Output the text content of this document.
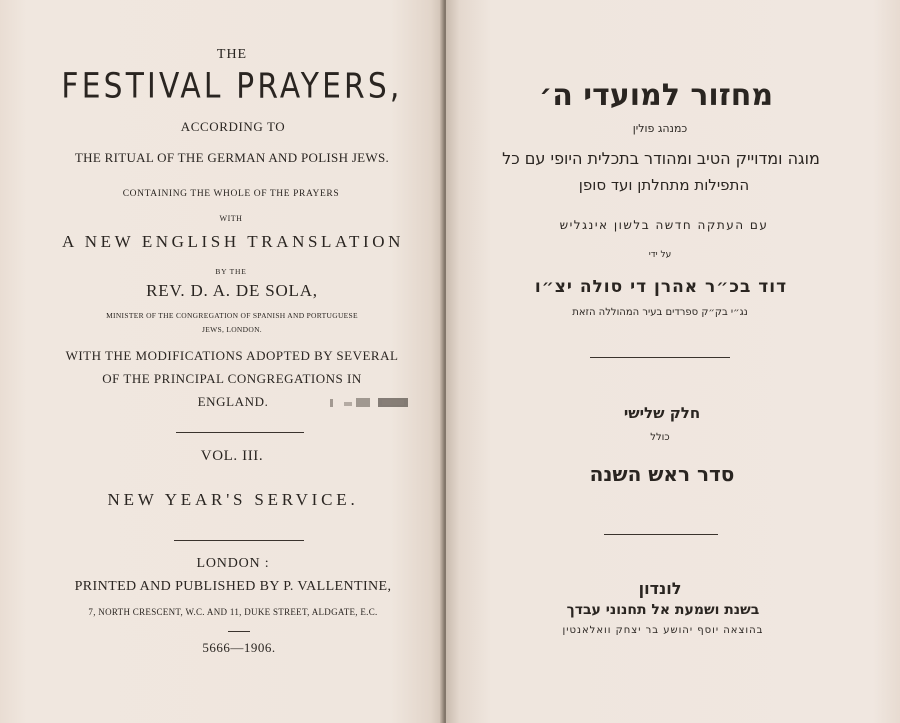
THE
FESTIVAL PRAYERS,
ACCORDING TO
THE RITUAL OF THE GERMAN AND POLISH JEWS.
CONTAINING THE WHOLE OF THE PRAYERS
WITH
A NEW ENGLISH TRANSLATION
BY THE
REV. D. A. DE SOLA,
MINISTER OF THE CONGREGATION OF SPANISH AND PORTUGUESE
JEWS, LONDON.
WITH THE MODIFICATIONS ADOPTED BY SEVERAL
OF THE PRINCIPAL CONGREGATIONS IN
ENGLAND.
VOL. III.
NEW YEAR'S SERVICE.
LONDON :
PRINTED AND PUBLISHED BY P. VALLENTINE,
7, NORTH CRESCENT, W.C. AND 11, DUKE STREET, ALDGATE, E.C.
5666—1906.
מחזור למועדי ה׳
כמנהג פולין
מוגה ומדוייק הטיב ומהודר בתכלית היופי עם כל
התפילות מתחלתן ועד סופן
עם העתקה חדשה בלשון אינגליש
על ידי
דוד בכ״ר אהרן די סולה יצ״ו
נג״י בק״ק ספרדים בעיר המהוללה הזאת
חלק שלישי
כולל
סדר ראש השנה
לונדון
בשנת ושמעת אל תחנוני עבדך
בהוצאה יוסף יהושע בר יצחק וואלאנטין
